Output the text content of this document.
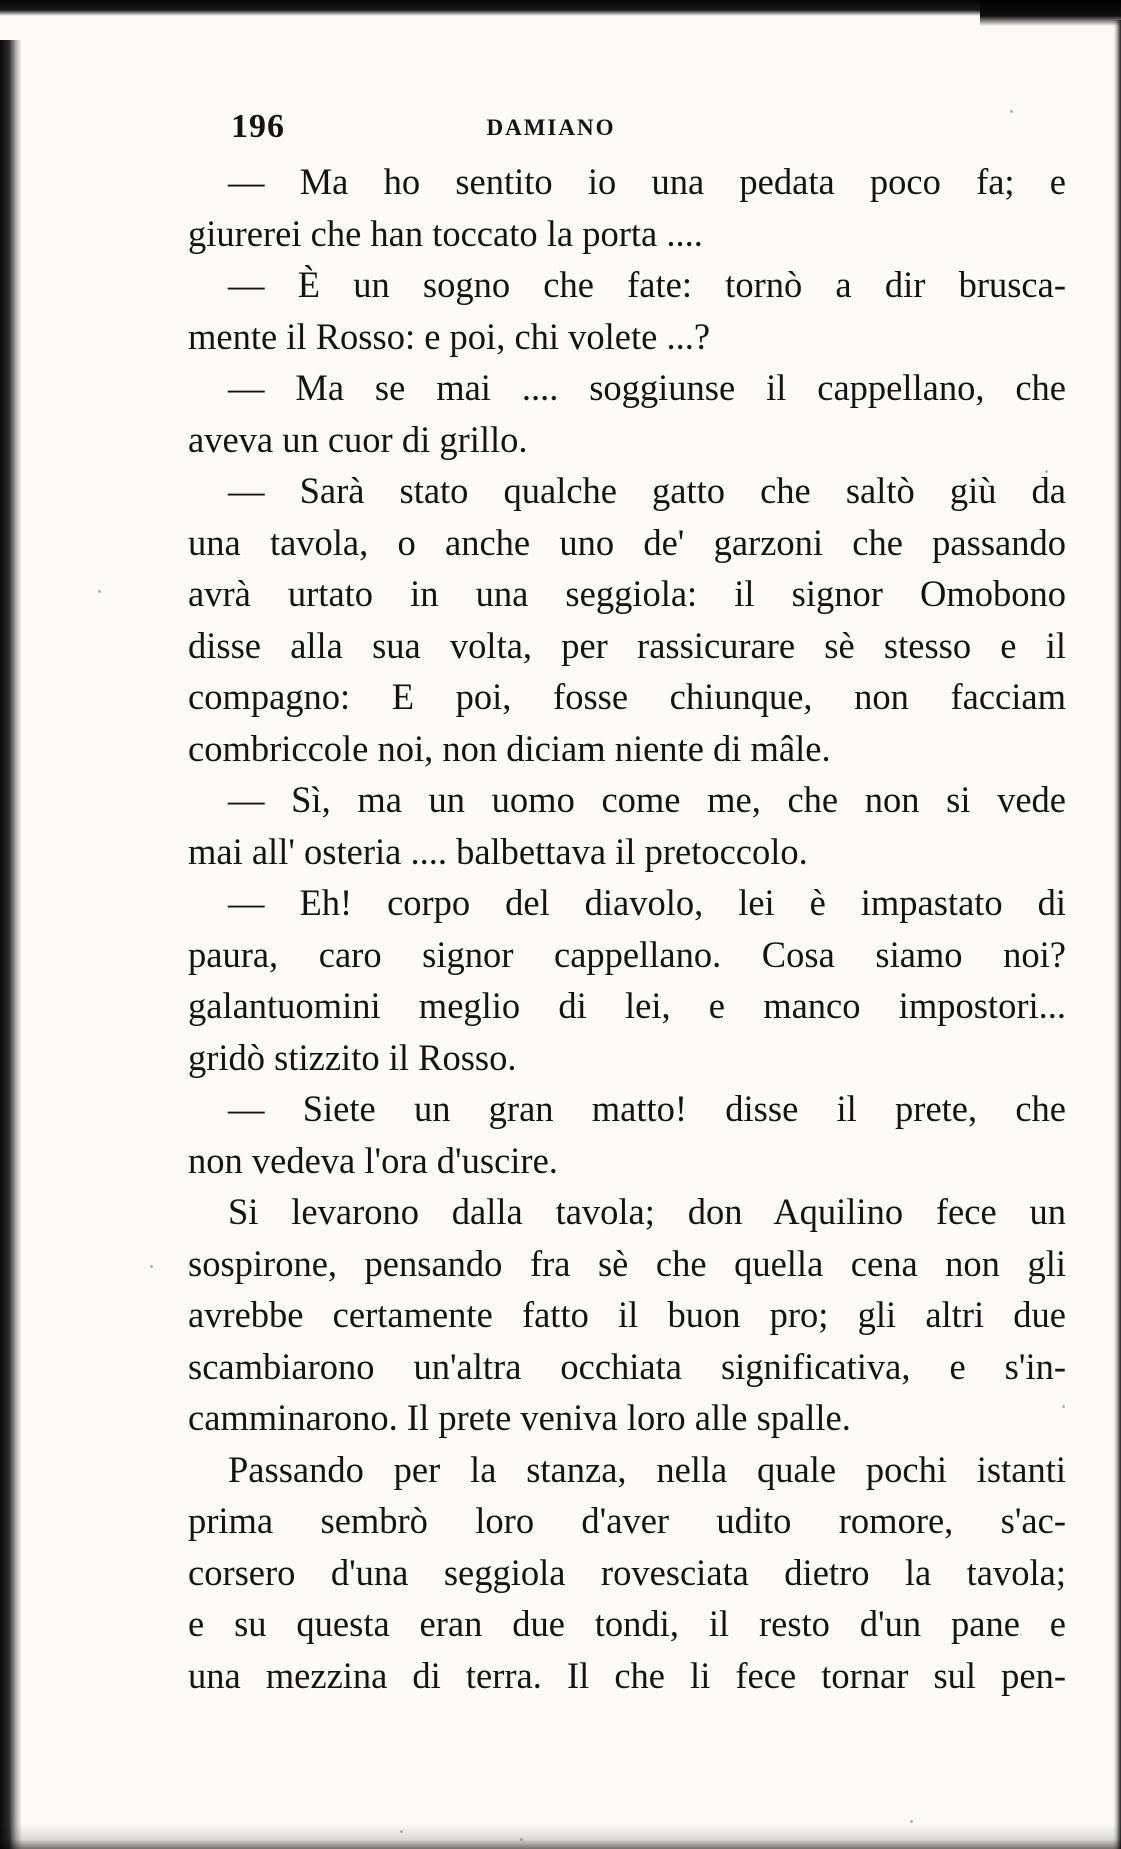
196	DAMIANO
— Ma ho sentito io una pedata poco fa; e
giurerei che han toccato la porta ....
— È un sogno che fate: tornò a dir brusca-
mente il Rosso: e poi, chi volete ...?
— Ma se mai .... soggiunse il cappellano, che
aveva un cuor di grillo.
— Sarà stato qualche gatto che saltò giù da
una tavola, o anche uno de' garzoni che passando
avrà urtato in una seggiola: il signor Omobono
disse alla sua volta, per rassicurare sè stesso e il
compagno: E poi, fosse chiunque, non facciam
combriccole noi, non diciam niente di mâle.
— Sì, ma un uomo come me, che non si vede
mai all' osteria .... balbettava il pretoccolo.
— Eh! corpo del diavolo, lei è impastato di
paura, caro signor cappellano. Cosa siamo noi?
galantuomini meglio di lei, e manco impostori...
gridò stizzito il Rosso.
— Siete un gran matto! disse il prete, che
non vedeva l'ora d'uscire.
Si levarono dalla tavola; don Aquilino fece un
sospirone, pensando fra sè che quella cena non gli
avrebbe certamente fatto il buon pro; gli altri due
scambiarono un'altra occhiata significativa, e s'in-
camminarono. Il prete veniva loro alle spalle.
Passando per la stanza, nella quale pochi istanti
prima sembrò loro d'aver udito romore, s'ac-
corsero d'una seggiola rovesciata dietro la tavola;
e su questa eran due tondi, il resto d'un pane e
una mezzina di terra. Il che li fece tornar sul pen-
